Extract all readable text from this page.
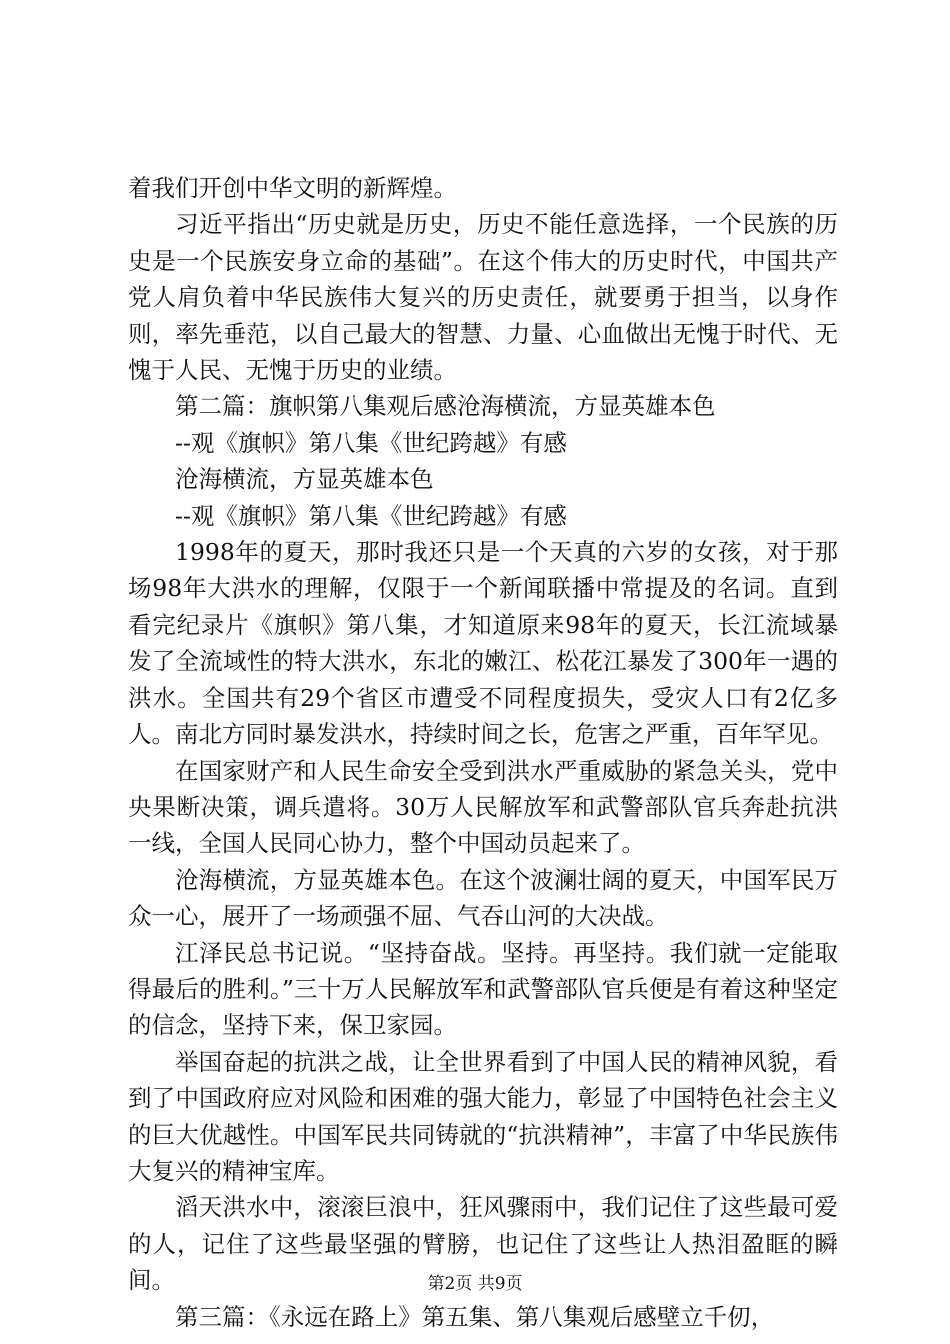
着我们开创中华文明的新辉煌。

习近平指出“历史就是历史，历史不能任意选择，一个民族的历史是一个民族安身立命的基础”。在这个伟大的历史时代，中国共产党人肩负着中华民族伟大复兴的历史责任，就要勇于担当，以身作则，率先垂范，以自己最大的智慧、力量、心血做出无愧于时代、无愧于人民、无愧于历史的业绩。

第二篇：旗帜第八集观后感沧海横流，方显英雄本色

--观《旗帜》第八集《世纪跨越》有感

沧海横流，方显英雄本色

--观《旗帜》第八集《世纪跨越》有感

1998年的夏天，那时我还只是一个天真的六岁的女孩，对于那场98年大洪水的理解，仅限于一个新闻联播中常提及的名词。直到看完纪录片《旗帜》第八集，才知道原来98年的夏天，长江流域暴发了全流域性的特大洪水，东北的嫩江、松花江暴发了300年一遇的洪水。全国共有29个省区市遭受不同程度损失，受灾人口有2亿多人。南北方同时暴发洪水，持续时间之长，危害之严重，百年罕见。

在国家财产和人民生命安全受到洪水严重威胁的紧急关头，党中央果断决策，调兵遣将。30万人民解放军和武警部队官兵奔赴抗洪一线，全国人民同心协力，整个中国动员起来了。

沧海横流，方显英雄本色。在这个波澜壮阔的夏天，中国军民万众一心，展开了一场顽强不屈、气吞山河的大决战。

江泽民总书记说。“坚持奋战。坚持。再坚持。我们就一定能取得最后的胜利。”三十万人民解放军和武警部队官兵便是有着这种坚定的信念，坚持下来，保卫家园。

举国奋起的抗洪之战，让全世界看到了中国人民的精神风貌，看到了中国政府应对风险和困难的强大能力，彰显了中国特色社会主义的巨大优越性。中国军民共同铸就的“抗洪精神”，丰富了中华民族伟大复兴的精神宝库。

滔天洪水中，滚滚巨浪中，狂风骤雨中，我们记住了这些最可爱的人，记住了这些最坚强的臂膀，也记住了这些让人热泪盈眶的瞬间。

第三篇：《永远在路上》第五集、第八集观后感壁立千仞，

第2页 共9页
